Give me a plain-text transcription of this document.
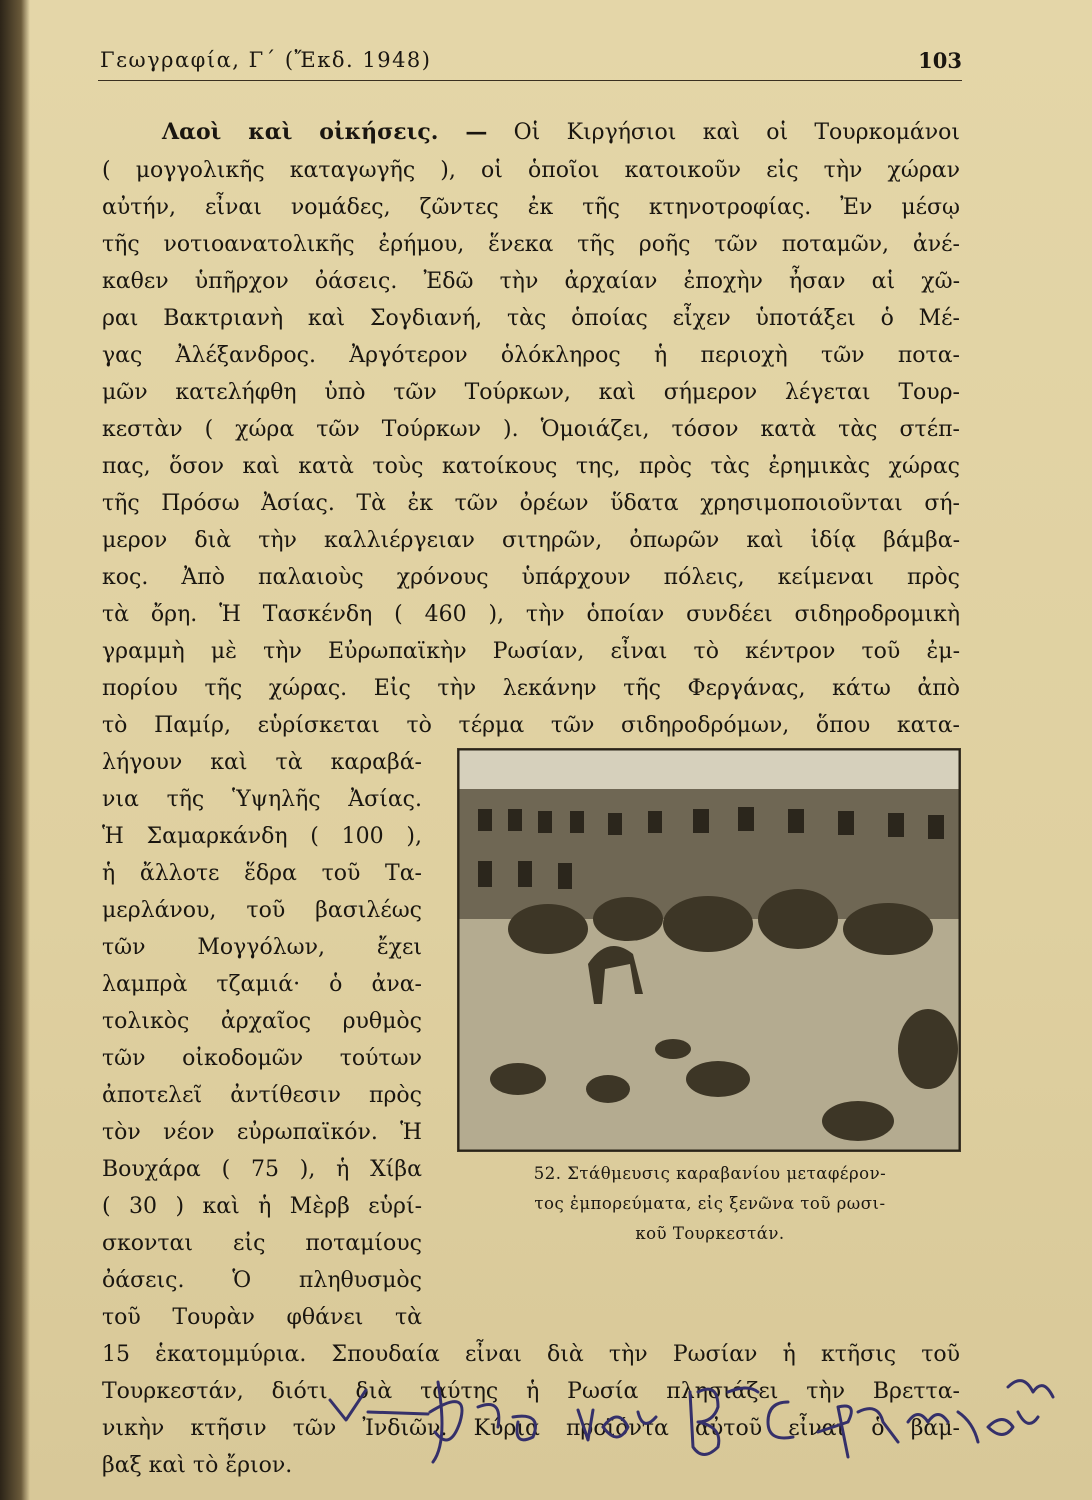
Γεωγραφία, Γ΄ (Ἔκδ. 1948)	103
Λαοὶ καὶ οἰκήσεις. — Οἱ Κιργήσιοι καὶ οἱ Τουρκομάνοι
( μογγολικῆς καταγωγῆς ), οἱ ὁποῖοι κατοικοῦν εἰς τὴν χώραν
αὐτήν, εἶναι νομάδες, ζῶντες ἐκ τῆς κτηνοτροφίας. Ἐν μέσῳ
τῆς νοτιοανατολικῆς ἐρήμου, ἕνεκα τῆς ροῆς τῶν ποταμῶν, ἀνέ-
καθεν ὑπῆρχον ὀάσεις. Ἐδῶ τὴν ἀρχαίαν ἐποχὴν ἦσαν αἱ χῶ-
ραι Βακτριανὴ καὶ Σογδιανή, τὰς ὁποίας εἶχεν ὑποτάξει ὁ Μέ-
γας Ἀλέξανδρος. Ἀργότερον ὁλόκληρος ἡ περιοχὴ τῶν ποτα-
μῶν κατελήφθη ὑπὸ τῶν Τούρκων, καὶ σήμερον λέγεται Τουρ-
κεστὰν ( χώρα τῶν Τούρκων ). Ὁμοιάζει, τόσον κατὰ τὰς στέπ-
πας, ὅσον καὶ κατὰ τοὺς κατοίκους της, πρὸς τὰς ἐρημικὰς χώρας
τῆς Πρόσω Ἀσίας. Τὰ ἐκ τῶν ὀρέων ὕδατα χρησιμοποιοῦνται σή-
μερον διὰ τὴν καλλιέργειαν σιτηρῶν, ὀπωρῶν καὶ ἰδίᾳ βάμβα-
κος. Ἀπὸ παλαιοὺς χρόνους ὑπάρχουν πόλεις, κείμεναι πρὸς
τὰ ὄρη. Ἡ Τασκένδη ( 460 ), τὴν ὁποίαν συνδέει σιδηροδρομικὴ
γραμμὴ μὲ τὴν Εὐρωπαϊκὴν Ρωσίαν, εἶναι τὸ κέντρον τοῦ ἐμ-
πορίου τῆς χώρας. Εἰς τὴν λεκάνην τῆς Φεργάνας, κάτω ἀπὸ
τὸ Παμίρ, εὑρίσκεται τὸ τέρμα τῶν σιδηροδρόμων, ὅπου κατα-
λήγουν καὶ τὰ καραβά-
νια τῆς Ὑψηλῆς Ἀσίας.
Ἡ Σαμαρκάνδη ( 100 ),
ἡ ἄλλοτε ἕδρα τοῦ Τα-
μερλάνου, τοῦ βασιλέως
τῶν Μογγόλων, ἔχει
λαμπρὰ τζαμιά· ὁ ἀνα-
τολικὸς ἀρχαῖος ρυθμὸς
τῶν οἰκοδομῶν τούτων
ἀποτελεῖ ἀντίθεσιν πρὸς
τὸν νέον εὐρωπαϊκόν. Ἡ
Βουχάρα ( 75 ), ἡ Χίβα
( 30 ) καὶ ἡ Μὲρβ εὑρί-
σκονται εἰς ποταμίους
ὀάσεις. Ὁ πληθυσμὸς
τοῦ Τουρὰν φθάνει τὰ
15 ἑκατομμύρια. Σπουδαία εἶναι διὰ τὴν Ρωσίαν ἡ κτῆσις τοῦ
Τουρκεστάν, διότι διὰ ταύτης ἡ Ρωσία πλησιάζει τὴν Βρεττα-
νικὴν κτῆσιν τῶν Ἰνδιῶν. Κύρια προϊόντα αὐτοῦ εἶναι ὁ βάμ-
βαξ καὶ τὸ ἔριον.
52. Στάθμευσις καραβανίου μεταφέρον-
τος ἐμπορεύματα, εἰς ξενῶνα τοῦ ρωσι-
κοῦ Τουρκεστάν.
